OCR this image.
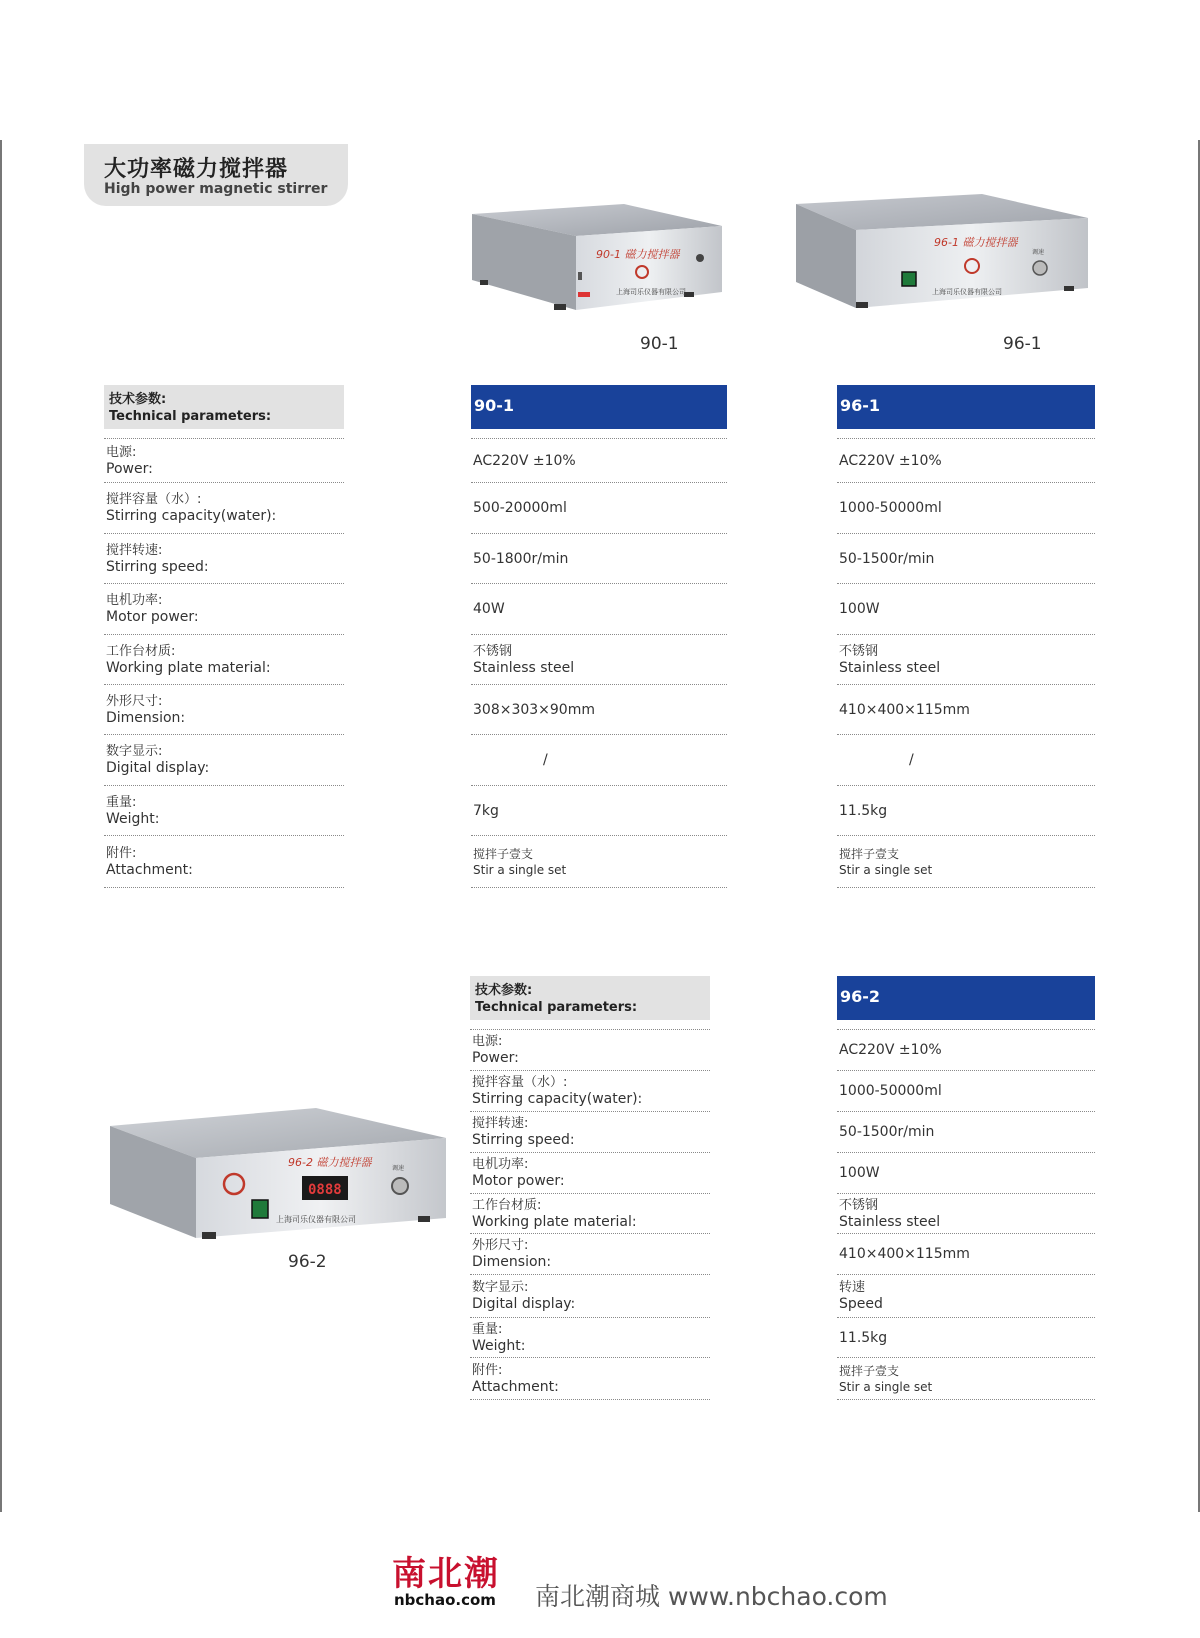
大功率磁力搅拌器
High power magnetic stirrer
90-1 磁力搅拌器
上海司乐仪器有限公司
90-1
96-1 磁力搅拌器
上海司乐仪器有限公司
调速
96-1
96-2 磁力搅拌器
0888
上海司乐仪器有限公司
调速
96-2
技术参数:
Technical parameters:
电源:
Power:
搅拌容量（水）:
Stirring capacity(water):
搅拌转速:
Stirring speed:
电机功率:
Motor power:
工作台材质:
Working plate material:
外形尺寸:
Dimension:
数字显示:
Digital display:
重量:
Weight:
附件:
Attachment:
90-1
AC220V ±10%
500-20000ml
50-1800r/min
40W
不锈钢
Stainless steel
308×303×90mm
/
7kg
搅拌子壹支
Stir a single set
96-1
AC220V ±10%
1000-50000ml
50-1500r/min
100W
不锈钢
Stainless steel
410×400×115mm
/
11.5kg
搅拌子壹支
Stir a single set
技术参数:
Technical parameters:
电源:
Power:
搅拌容量（水）:
Stirring capacity(water):
搅拌转速:
Stirring speed:
电机功率:
Motor power:
工作台材质:
Working plate material:
外形尺寸:
Dimension:
数字显示:
Digital display:
重量:
Weight:
附件:
Attachment:
96-2
AC220V ±10%
1000-50000ml
50-1500r/min
100W
不锈钢
Stainless steel
410×400×115mm
转速
Speed
11.5kg
搅拌子壹支
Stir a single set
南北潮
nbchao.com 南北潮商城 www.nbchao.com
